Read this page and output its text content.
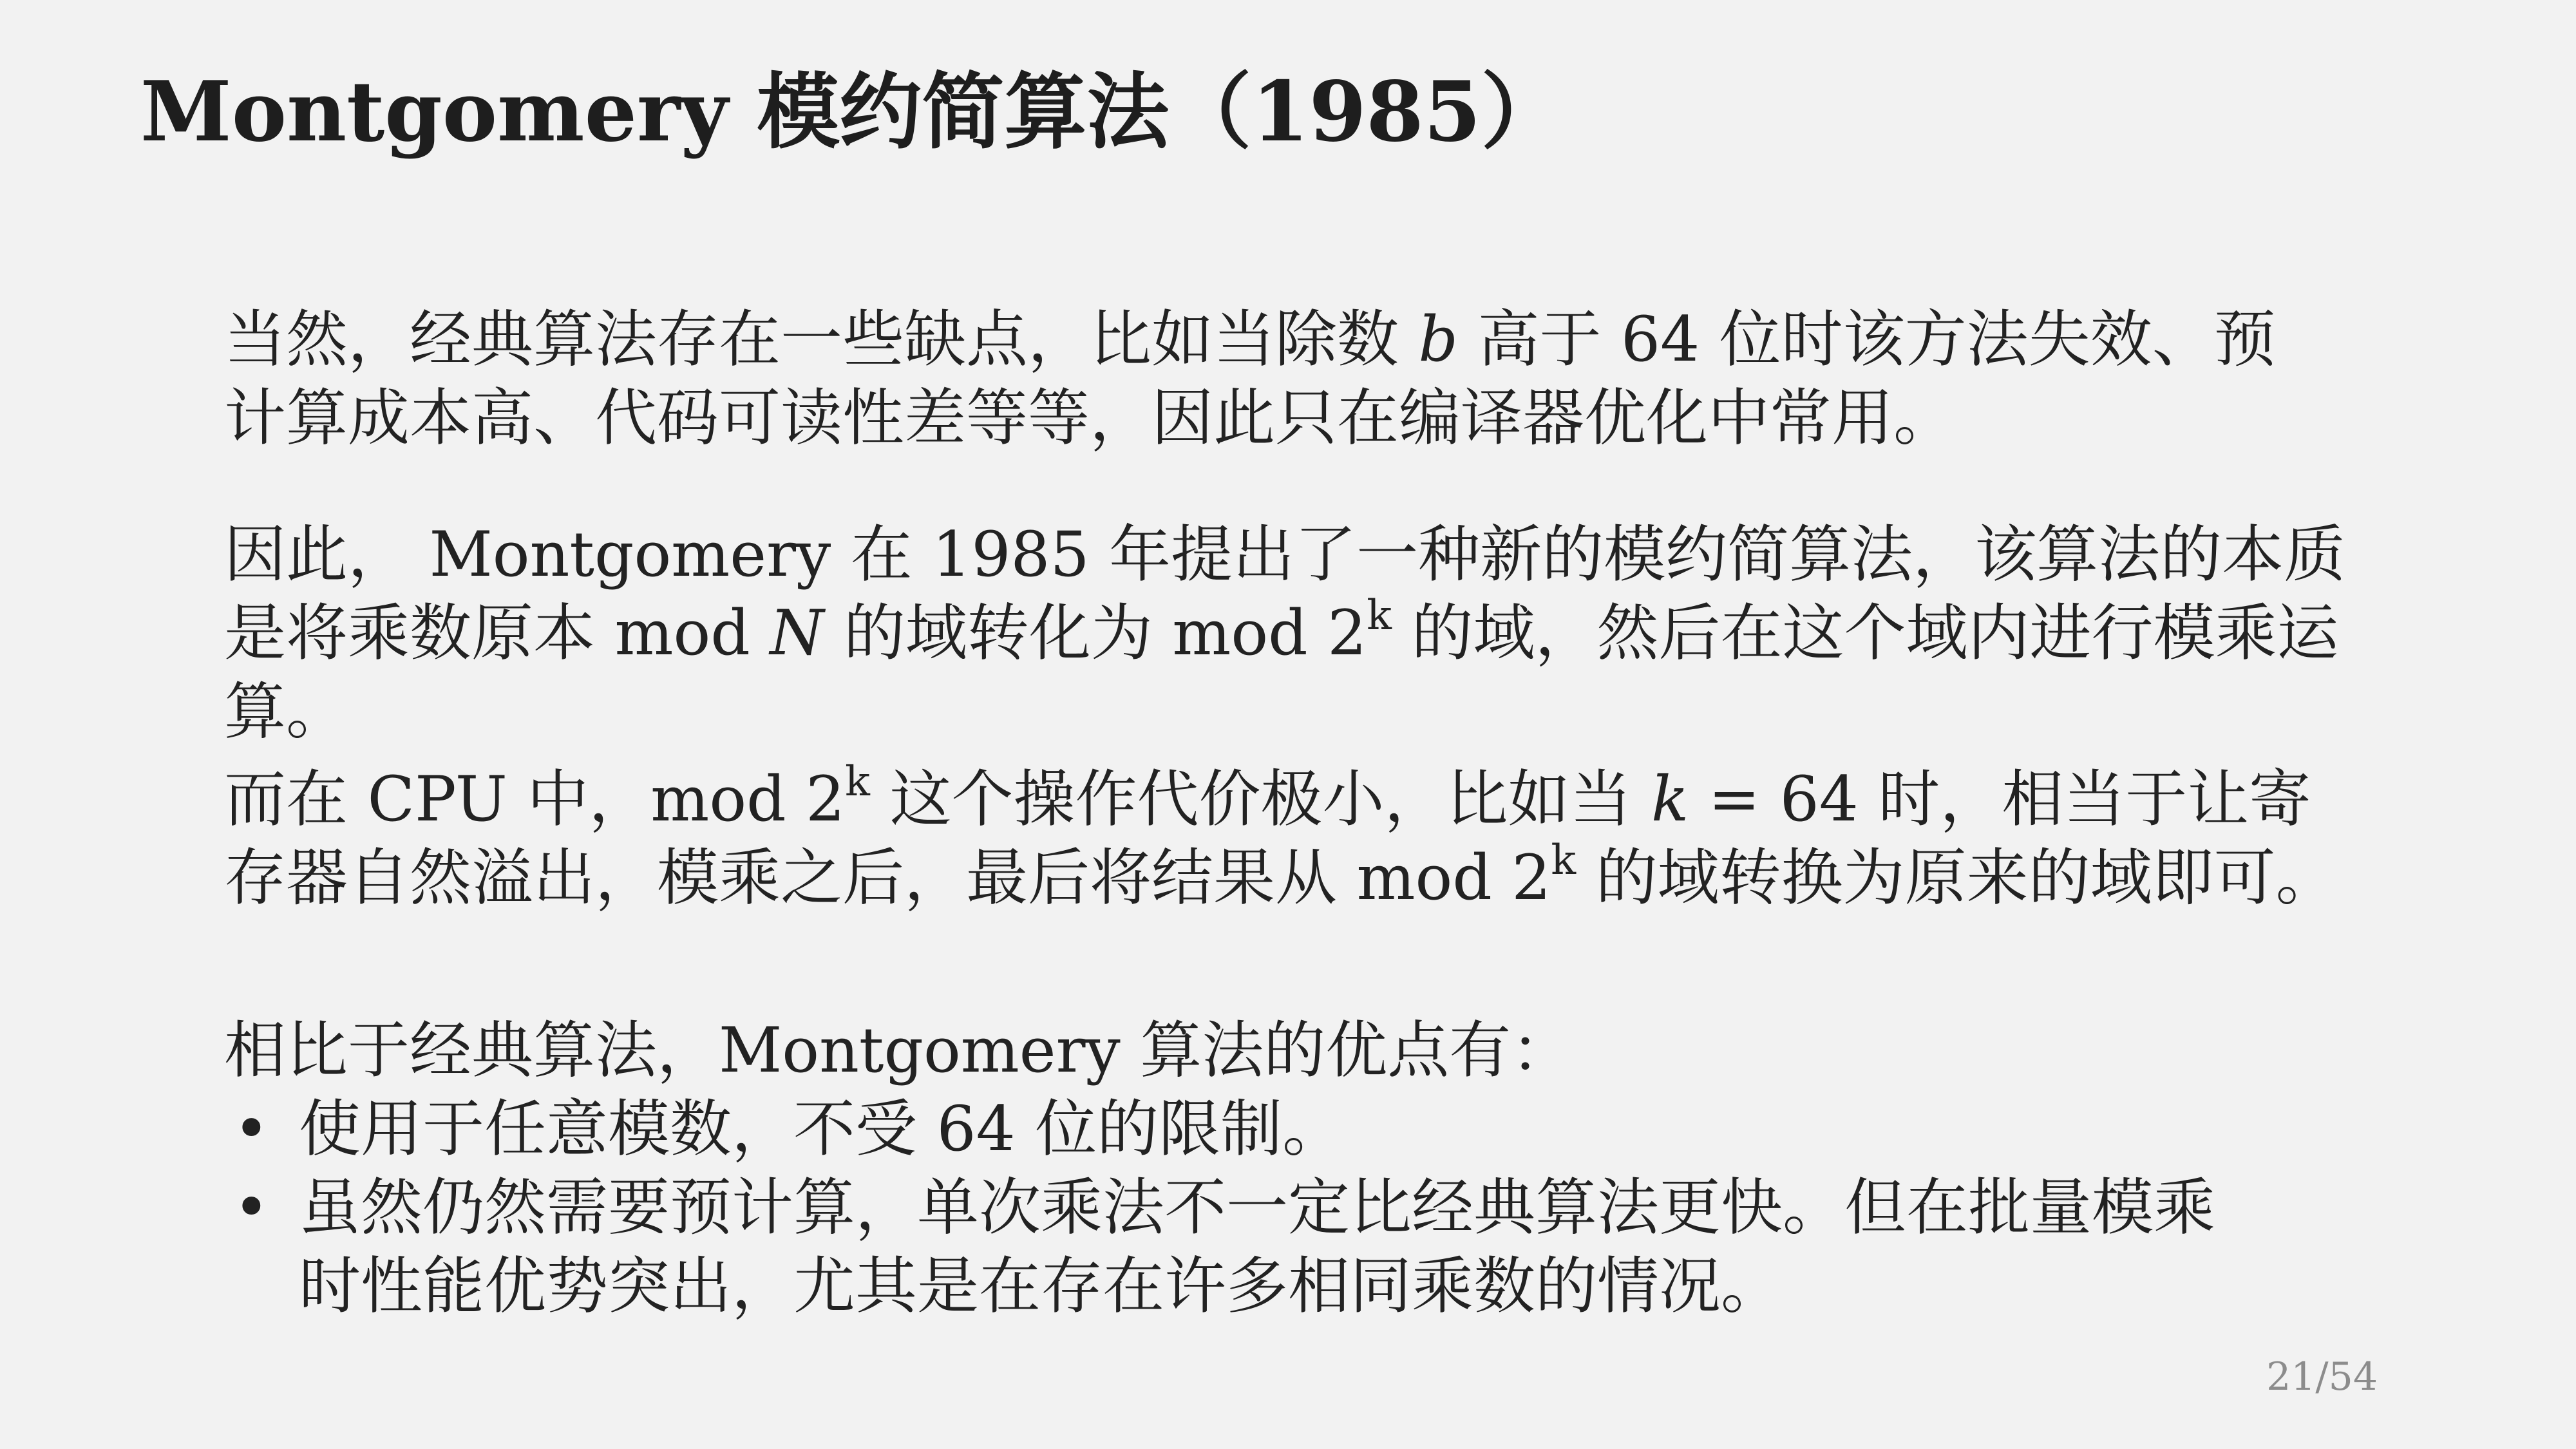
Montgomery 模约简算法（1985）
当然，经典算法存在一些缺点，比如当除数 b 高于 64 位时该方法失效、预
计算成本高、代码可读性差等等，因此只在编译器优化中常用。
因此， Montgomery 在 1985 年提出了一种新的模约简算法，该算法的本质
是将乘数原本 mod N 的域转化为 mod 2$^k$ 的域，然后在这个域内进行模乘运
算。
而在 CPU 中，mod 2$^k$ 这个操作代价极小，比如当 k = 64 时，相当于让寄
存器自然溢出，模乘之后，最后将结果从 mod 2$^k$ 的域转换为原来的域即可。
相比于经典算法，Montgomery 算法的优点有：
• 使用于任意模数，不受 64 位的限制。
• 虽然仍然需要预计算，单次乘法不一定比经典算法更快。但在批量模乘
时性能优势突出，尤其是在存在许多相同乘数的情况。
21/54
